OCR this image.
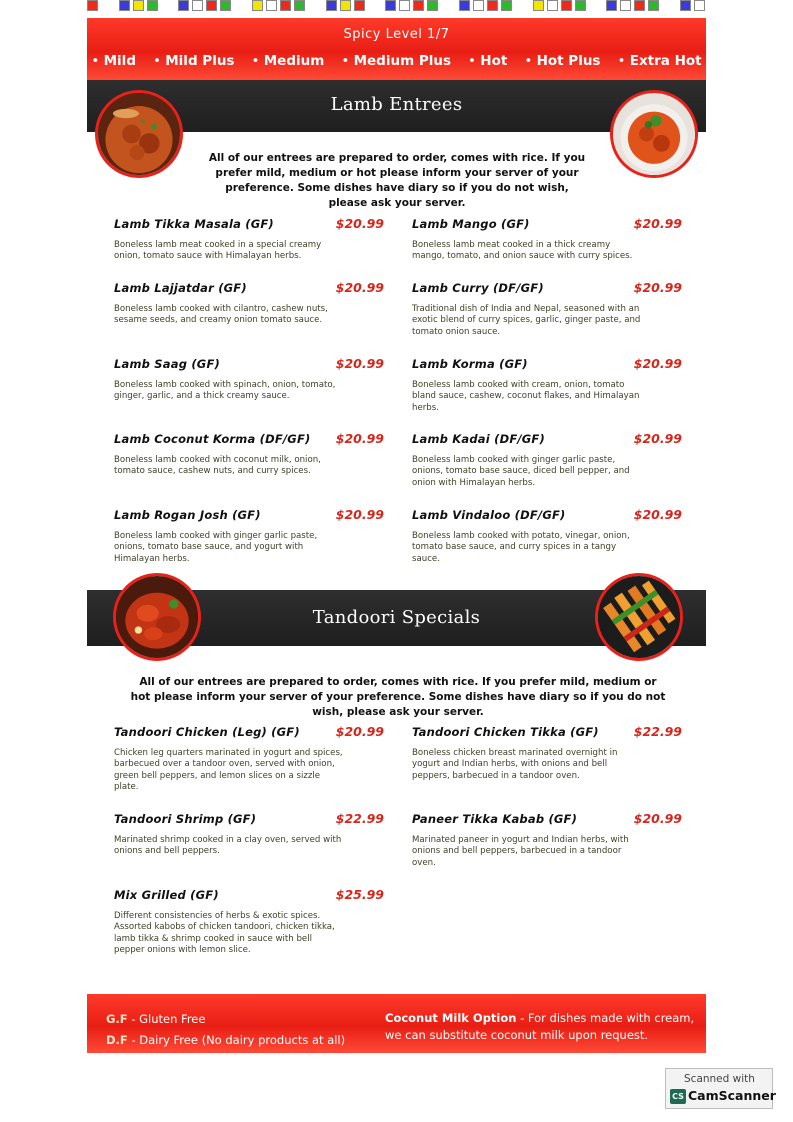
Spicy Level 1/7
• Mild	• Mild Plus	• Medium	• Medium Plus	• Hot	• Hot Plus	• Extra Hot
Lamb Entrees
All of our entrees are prepared to order, comes with rice. If you prefer mild, medium or hot please inform your server of your preference. Some dishes have diary so if you do not wish, please ask your server.
Lamb Tikka Masala (GF)	$20.99
Boneless lamb meat cooked in a special creamy onion, tomato sauce with Himalayan herbs.
Lamb Mango (GF)	$20.99
Boneless lamb meat cooked in a thick creamy mango, tomato, and onion sauce with curry spices.
Lamb Lajjatdar (GF)	$20.99
Boneless lamb cooked with cilantro, cashew nuts, sesame seeds, and creamy onion tomato sauce.
Lamb Curry (DF/GF)	$20.99
Traditional dish of India and Nepal, seasoned with an exotic blend of curry spices, garlic, ginger paste, and tomato onion sauce.
Lamb Saag (GF)	$20.99
Boneless lamb cooked with spinach, onion, tomato, ginger, garlic, and a thick creamy sauce.
Lamb Korma (GF)	$20.99
Boneless lamb cooked with cream, onion, tomato bland sauce, cashew, coconut flakes, and Himalayan herbs.
Lamb Coconut Korma (DF/GF) $20.99
Boneless lamb cooked with coconut milk, onion, tomato sauce, cashew nuts, and curry spices.
Lamb Kadai (DF/GF)	$20.99
Boneless lamb cooked with ginger garlic paste, onions, tomato base sauce, diced bell pepper, and onion with Himalayan herbs.
Lamb Rogan Josh (GF)	$20.99
Boneless lamb cooked with ginger garlic paste, onions, tomato base sauce, and yogurt with Himalayan herbs.
Lamb Vindaloo (DF/GF)	$20.99
Boneless lamb cooked with potato, vinegar, onion, tomato base sauce, and curry spices in a tangy sauce.
Tandoori Specials
All of our entrees are prepared to order, comes with rice. If you prefer mild, medium or hot please inform your server of your preference. Some dishes have diary so if you do not wish, please ask your server.
Tandoori Chicken (Leg) (GF)	$20.99
Chicken leg quarters marinated in yogurt and spices, barbecued over a tandoor oven, served with onion, green bell peppers, and lemon slices on a sizzle plate.
Tandoori Chicken Tikka (GF)	$22.99
Boneless chicken breast marinated overnight in yogurt and Indian herbs, with onions and bell peppers, barbecued in a tandoor oven.
Tandoori Shrimp (GF)	$22.99
Marinated shrimp cooked in a clay oven, served with onions and bell peppers.
Paneer Tikka Kabab (GF)	$20.99
Marinated paneer in yogurt and Indian herbs, with onions and bell peppers, barbecued in a tandoor oven.
Mix Grilled (GF)	$25.99
Different consistencies of herbs & exotic spices. Assorted kabobs of chicken tandoori, chicken tikka, lamb tikka & shrimp cooked in sauce with bell pepper onions with lemon slice.
G.F - Gluten Free
D.F - Dairy Free (No dairy products at all)
Coconut Milk Option - For dishes made with cream, we can substitute coconut milk upon request.
Scanned with
CS CamScanner
